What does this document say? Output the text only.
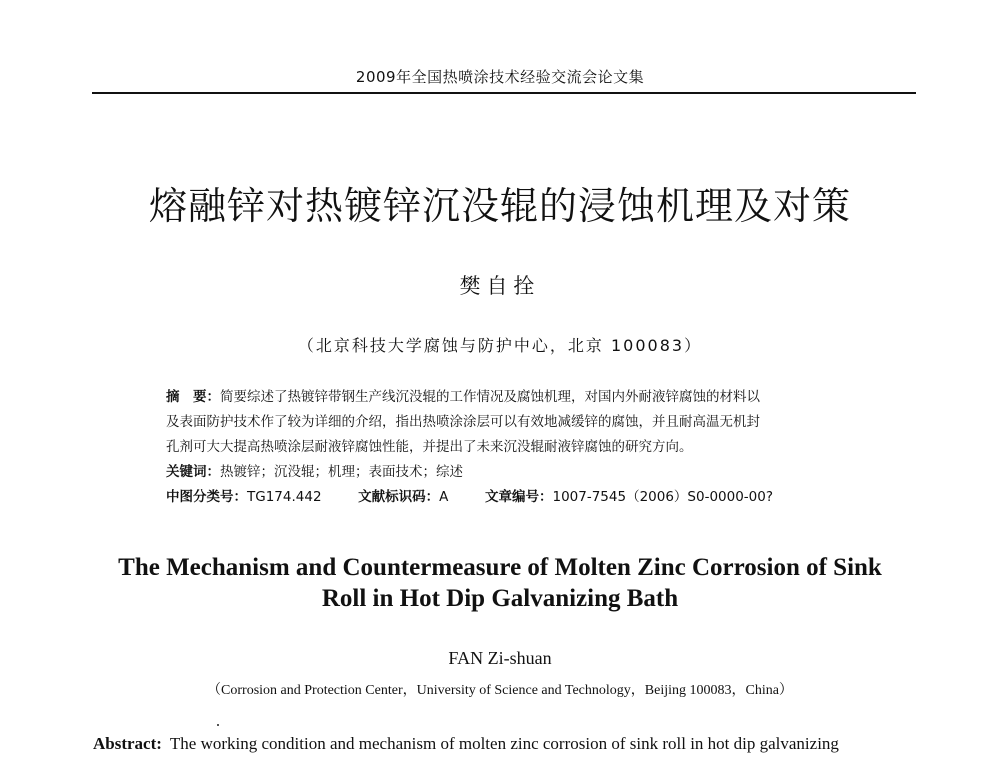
2009年全国热喷涂技术经验交流会论文集
熔融锌对热镀锌沉没辊的浸蚀机理及对策
樊自拴
（北京科技大学腐蚀与防护中心，北京 100083）
摘　要：简要综述了热镀锌带钢生产线沉没辊的工作情况及腐蚀机理，对国内外耐液锌腐蚀的材料以
及表面防护技术作了较为详细的介绍，指出热喷涂涂层可以有效地减缓锌的腐蚀，并且耐高温无机封
孔剂可大大提高热喷涂层耐液锌腐蚀性能，并提出了未来沉没辊耐液锌腐蚀的研究方向。
关键词：热镀锌；沉没辊；机理；表面技术；综述
中图分类号：TG174.442	文献标识码：A	文章编号：1007-7545（2006）S0-0000-00?
The Mechanism and Countermeasure of Molten Zinc Corrosion of Sink
Roll in Hot Dip Galvanizing Bath
FAN Zi-shuan
（Corrosion and Protection Center，University of Science and Technology，Beijing 100083，China）
Abstract: The working condition and mechanism of molten zinc corrosion of sink roll in hot dip galvanizing
